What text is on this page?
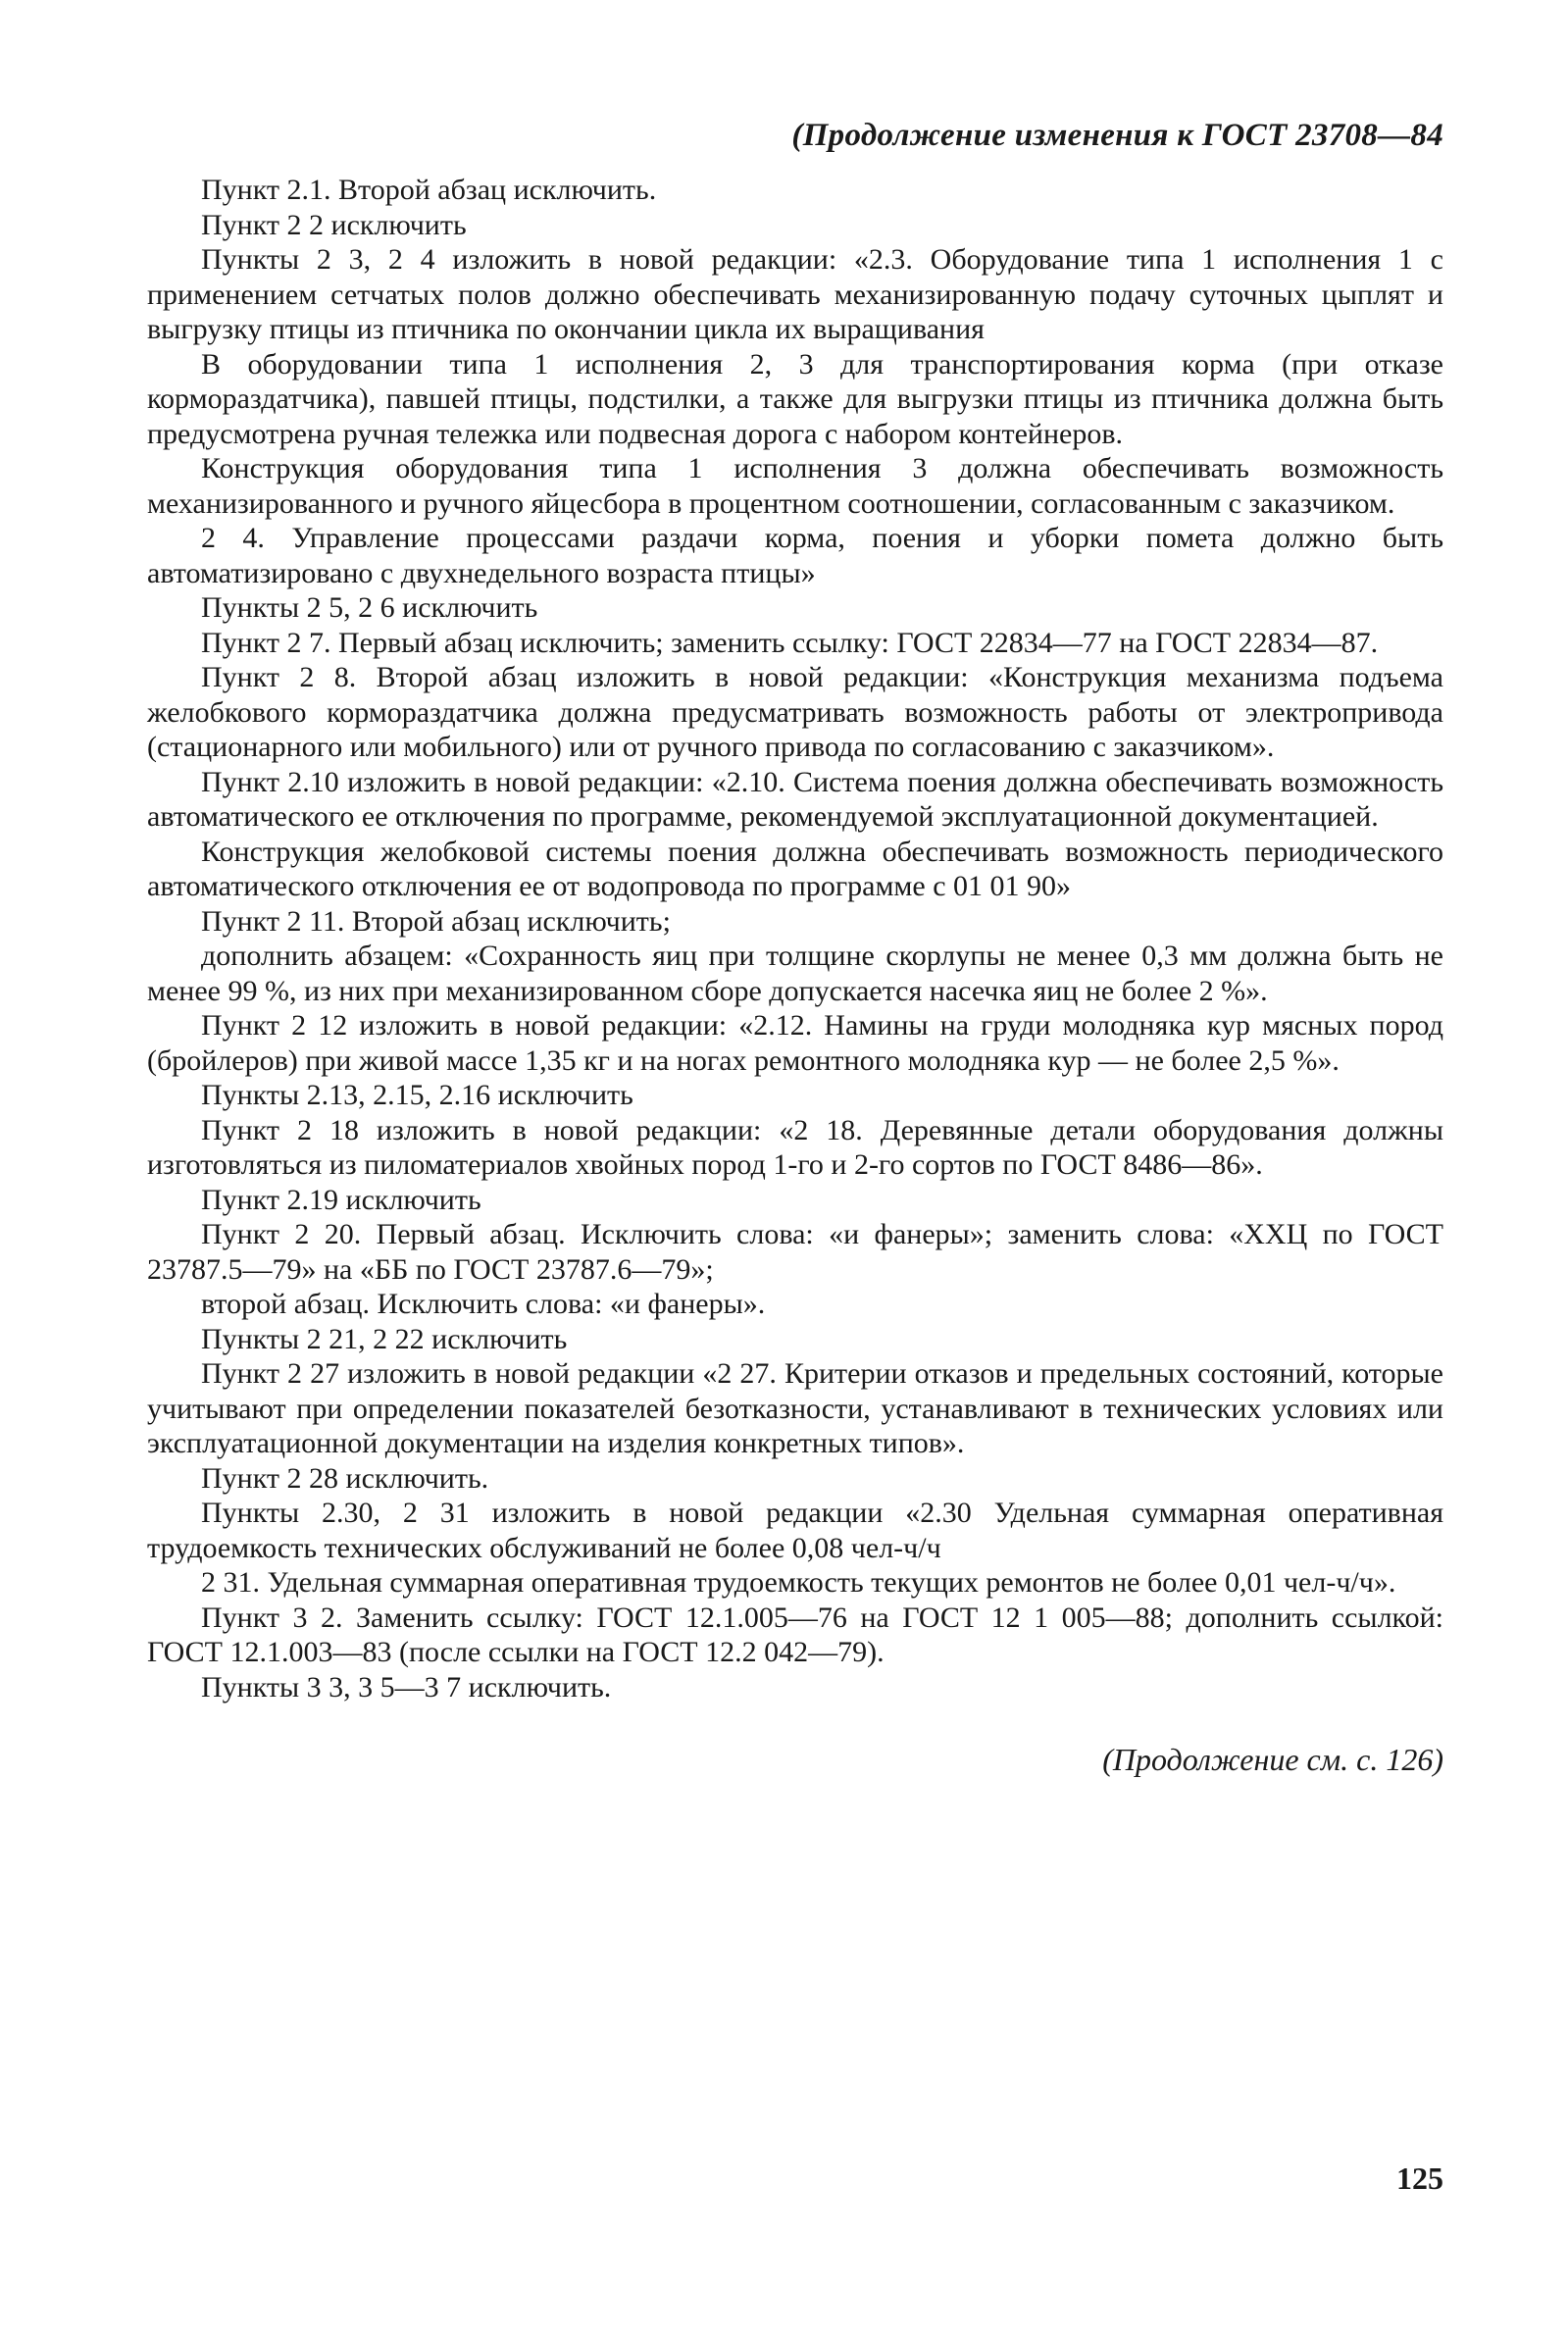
(Продолжение изменения к ГОСТ 23708—84

Пункт 2.1. Второй абзац исключить.

Пункт 2 2 исключить

Пункты 2 3, 2 4 изложить в новой редакции: «2.3. Оборудование типа 1 исполнения 1 с применением сетчатых полов должно обеспечивать механизированную подачу суточных цыплят и выгрузку птицы из птичника по окончании цикла их выращивания

В оборудовании типа 1 исполнения 2, 3 для транспортирования корма (при отказе кормораздатчика), павшей птицы, подстилки, а также для выгрузки птицы из птичника должна быть предусмотрена ручная тележка или подвесная дорога с набором контейнеров.

Конструкция оборудования типа 1 исполнения 3 должна обеспечивать возможность механизированного и ручного яйцесбора в процентном соотношении, согласованным с заказчиком.

2 4. Управление процессами раздачи корма, поения и уборки помета должно быть автоматизировано с двухнедельного возраста птицы»

Пункты 2 5, 2 6 исключить

Пункт 2 7. Первый абзац исключить; заменить ссылку: ГОСТ 22834—77 на ГОСТ 22834—87.

Пункт 2 8. Второй абзац изложить в новой редакции: «Конструкция механизма подъема желобкового кормораздатчика должна предусматривать возможность работы от электропривода (стационарного или мобильного) или от ручного привода по согласованию с заказчиком».

Пункт 2.10 изложить в новой редакции: «2.10. Система поения должна обеспечивать возможность автоматического ее отключения по программе, рекомендуемой эксплуатационной документацией.

Конструкция желобковой системы поения должна обеспечивать возможность периодического автоматического отключения ее от водопровода по программе с 01 01 90»

Пункт 2 11. Второй абзац исключить;

дополнить абзацем: «Сохранность яиц при толщине скорлупы не менее 0,3 мм должна быть не менее 99 %, из них при механизированном сборе допускается насечка яиц не более 2 %».

Пункт 2 12 изложить в новой редакции: «2.12. Намины на груди молодняка кур мясных пород (бройлеров) при живой массе 1,35 кг и на ногах ремонтного молодняка кур — не более 2,5 %».

Пункты 2.13, 2.15, 2.16 исключить

Пункт 2 18 изложить в новой редакции: «2 18. Деревянные детали оборудования должны изготовляться из пиломатериалов хвойных пород 1-го и 2-го сортов по ГОСТ 8486—86».

Пункт 2.19 исключить

Пункт 2 20. Первый абзац. Исключить слова: «и фанеры»; заменить слова: «ХХЦ по ГОСТ 23787.5—79» на «ББ по ГОСТ 23787.6—79»;

второй абзац. Исключить слова: «и фанеры».

Пункты 2 21, 2 22 исключить

Пункт 2 27 изложить в новой редакции «2 27. Критерии отказов и предельных состояний, которые учитывают при определении показателей безотказности, устанавливают в технических условиях или эксплуатационной документации на изделия конкретных типов».

Пункт 2 28 исключить.

Пункты 2.30, 2 31 изложить в новой редакции «2.30 Удельная суммарная оперативная трудоемкость технических обслуживаний не более 0,08 чел-ч/ч

2 31. Удельная суммарная оперативная трудоемкость текущих ремонтов не более 0,01 чел-ч/ч».

Пункт 3 2. Заменить ссылку: ГОСТ 12.1.005—76 на ГОСТ 12 1 005—88; дополнить ссылкой: ГОСТ 12.1.003—83 (после ссылки на ГОСТ 12.2 042—79).

Пункты 3 3, 3 5—3 7 исключить.

(Продолжение см. с. 126)
125
